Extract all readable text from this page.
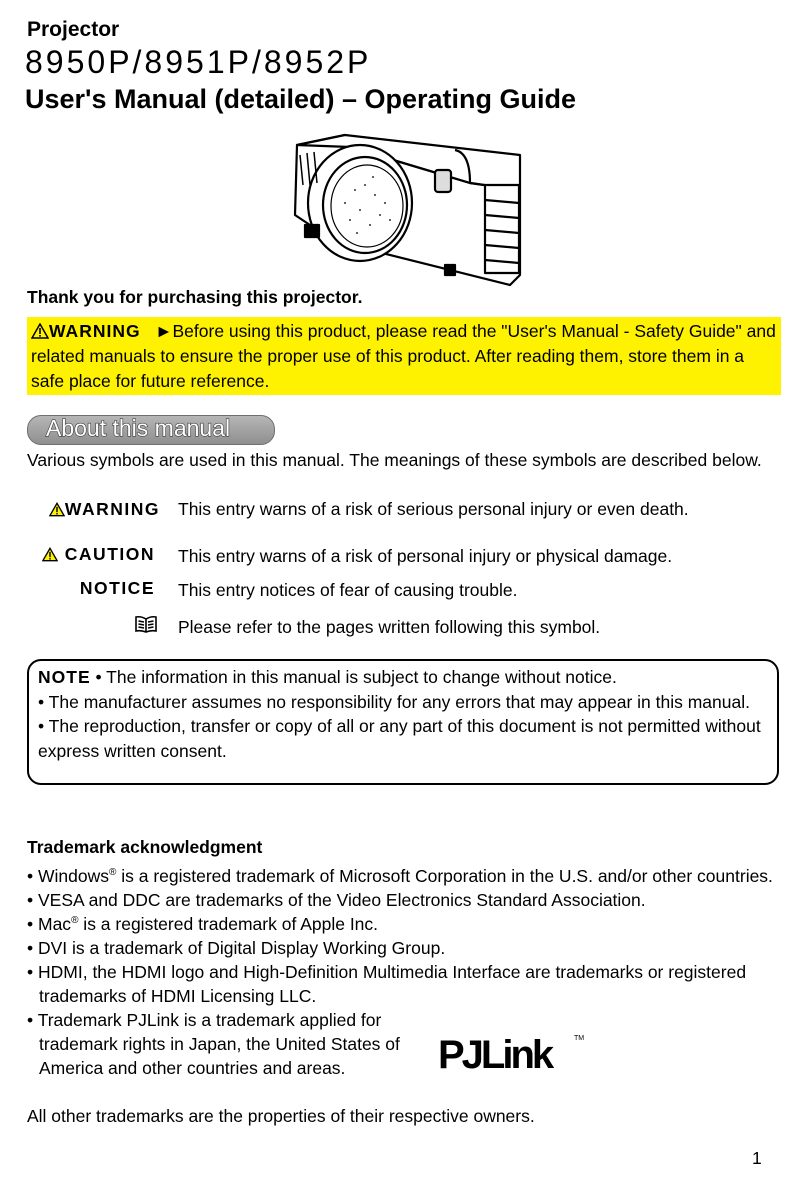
Projector
8950P/8951P/8952P
User's Manual (detailed) – Operating Guide
Thank you for purchasing this projector.
WARNING ►Before using this product, please read the "User's Manual - Safety Guide" and related manuals to ensure the proper use of this product. After reading them, store them in a safe place for future reference.
About this manual
Various symbols are used in this manual. The meanings of these symbols are described below.
WARNING This entry warns of a risk of serious personal injury or even death.
CAUTION This entry warns of a risk of personal injury or physical damage.
NOTICE This entry notices of fear of causing trouble.
Please refer to the pages written following this symbol.
NOTE • The information in this manual is subject to change without notice.
• The manufacturer assumes no responsibility for any errors that may appear in this manual.
• The reproduction, transfer or copy of all or any part of this document is not permitted without express written consent.
Trademark acknowledgment
• Windows® is a registered trademark of Microsoft Corporation in the U.S. and/or other countries.
• VESA and DDC are trademarks of the Video Electronics Standard Association.
• Mac® is a registered trademark of Apple Inc.
• DVI is a trademark of Digital Display Working Group.
• HDMI, the HDMI logo and High-Definition Multimedia Interface are trademarks or registered trademarks of HDMI Licensing LLC.
• Trademark PJLink is a trademark applied for trademark rights in Japan, the United States of America and other countries and areas.
All other trademarks are the properties of their respective owners.
PJLink	TM
1
